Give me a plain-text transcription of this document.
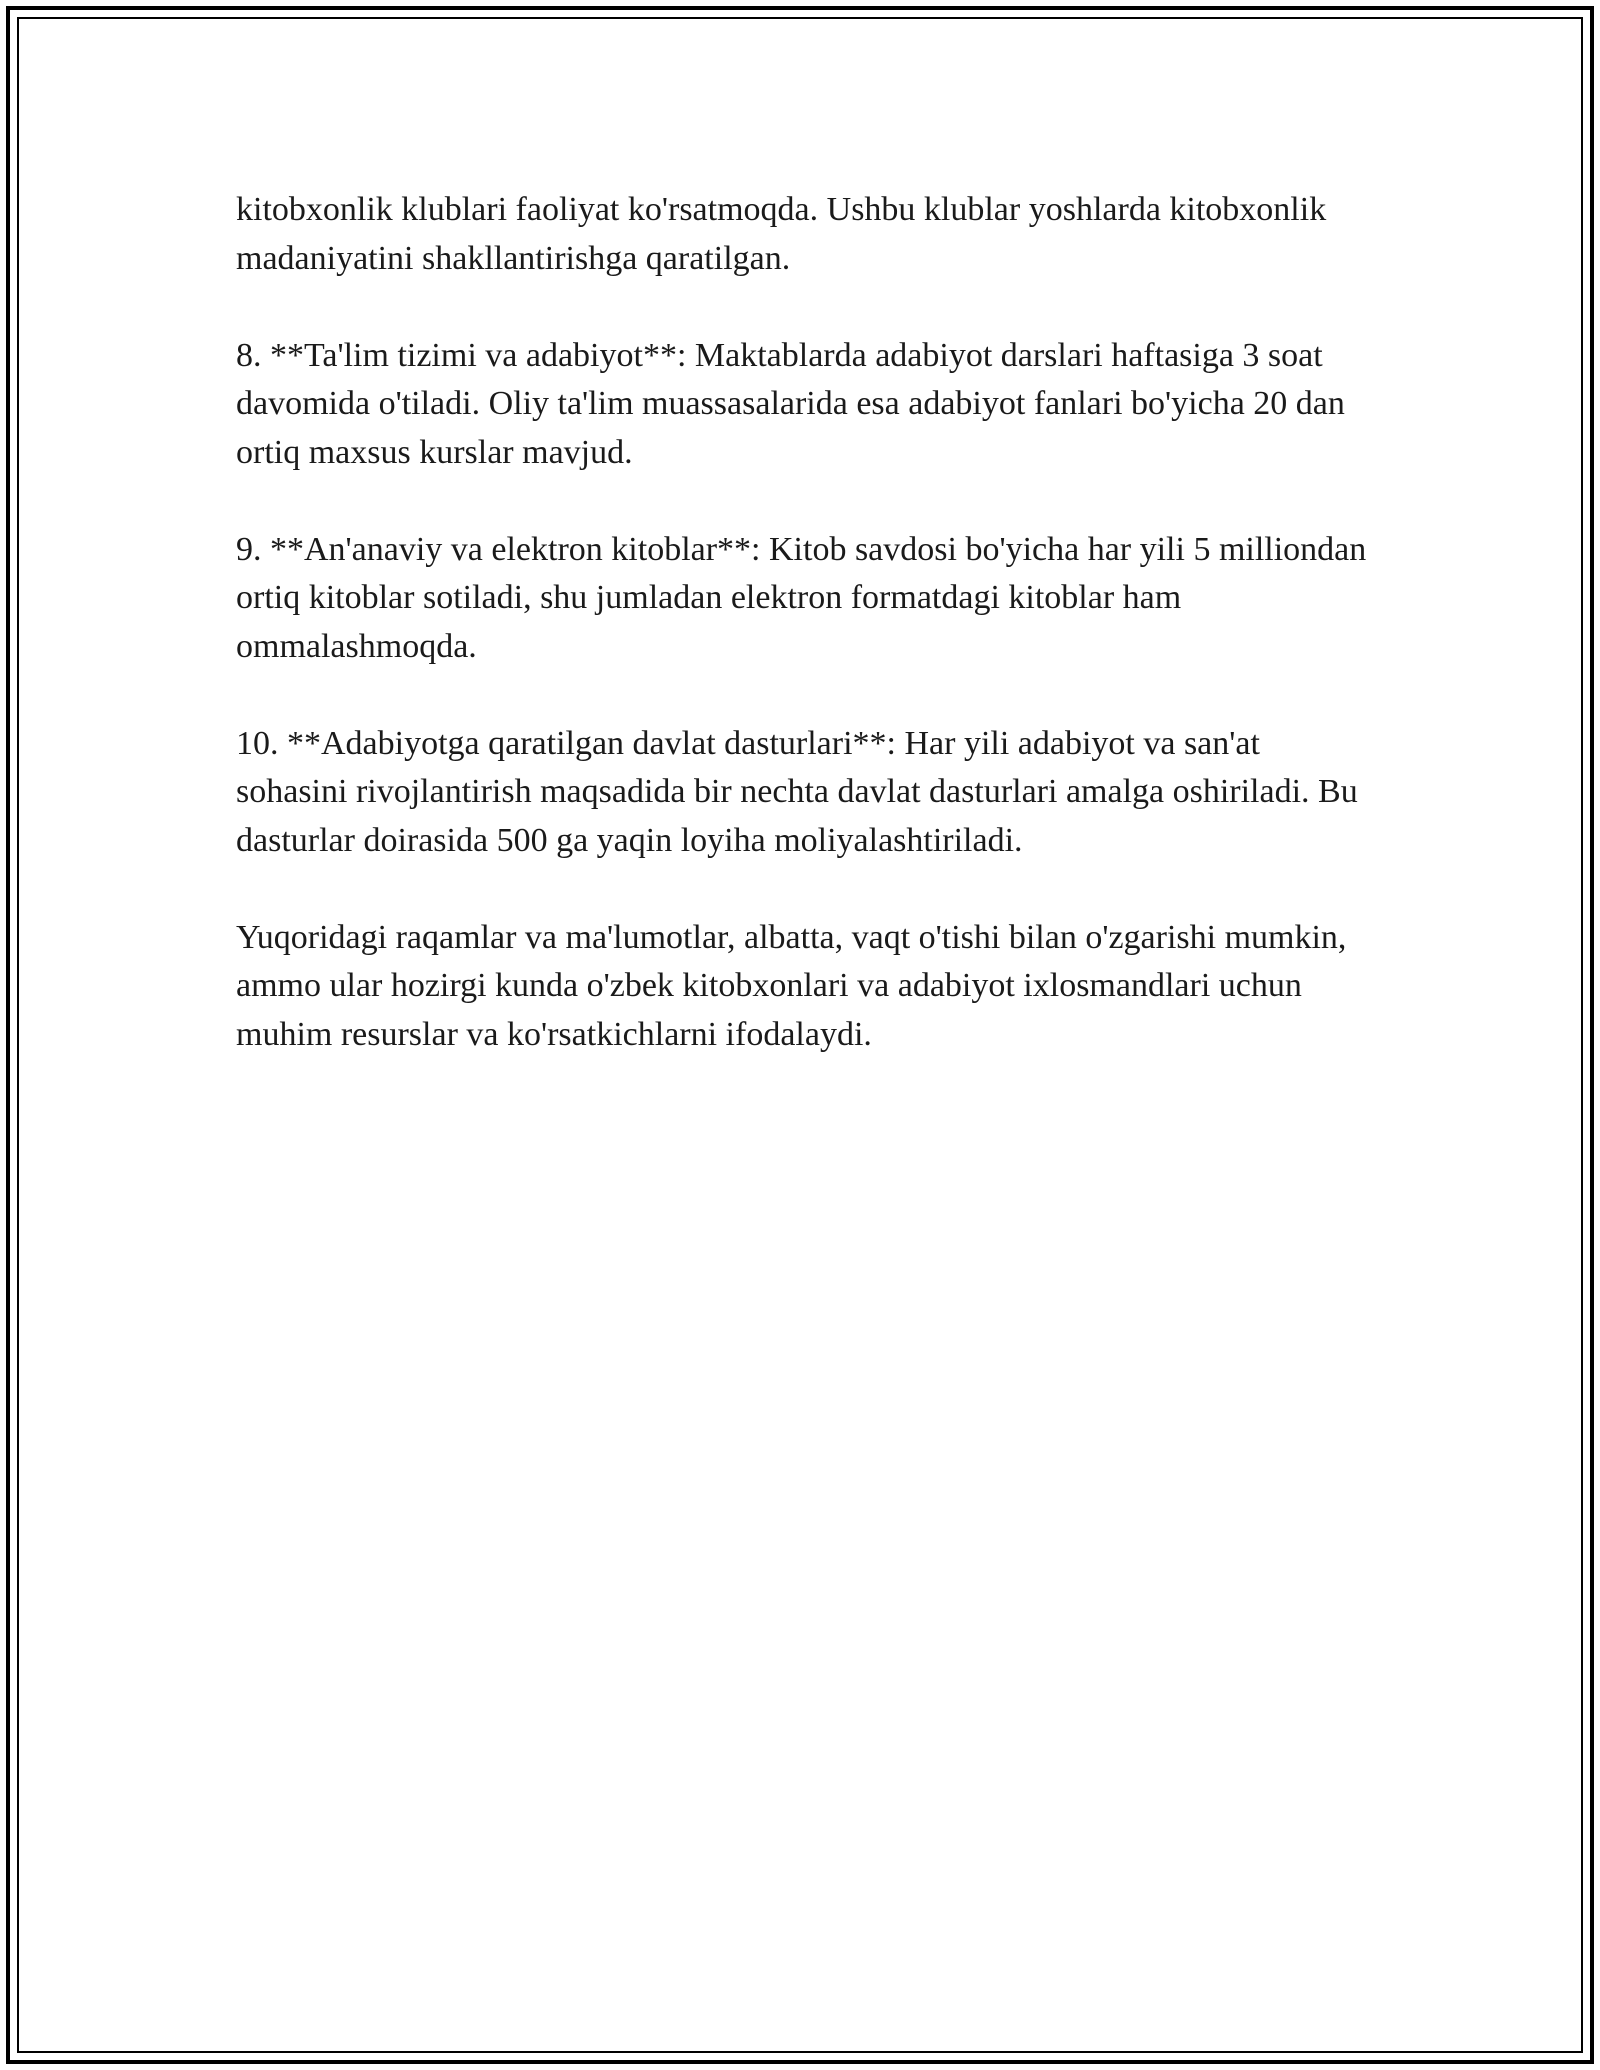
kitobxonlik klublari faoliyat ko'rsatmoqda. Ushbu klublar yoshlarda kitobxonlik madaniyatini shakllantirishga qaratilgan.

8. **Ta'lim tizimi va adabiyot**: Maktablarda adabiyot darslari haftasiga 3 soat davomida o'tiladi. Oliy ta'lim muassasalarida esa adabiyot fanlari bo'yicha 20 dan ortiq maxsus kurslar mavjud.

9. **An'anaviy va elektron kitoblar**: Kitob savdosi bo'yicha har yili 5 milliondan ortiq kitoblar sotiladi, shu jumladan elektron formatdagi kitoblar ham ommalashmoqda.

10. **Adabiyotga qaratilgan davlat dasturlari**: Har yili adabiyot va san'at sohasini rivojlantirish maqsadida bir nechta davlat dasturlari amalga oshiriladi. Bu dasturlar doirasida 500 ga yaqin loyiha moliyalashtiriladi.

Yuqoridagi raqamlar va ma'lumotlar, albatta, vaqt o'tishi bilan o'zgarishi mumkin, ammo ular hozirgi kunda o'zbek kitobxonlari va adabiyot ixlosmandlari uchun muhim resurslar va ko'rsatkichlarni ifodalaydi.
